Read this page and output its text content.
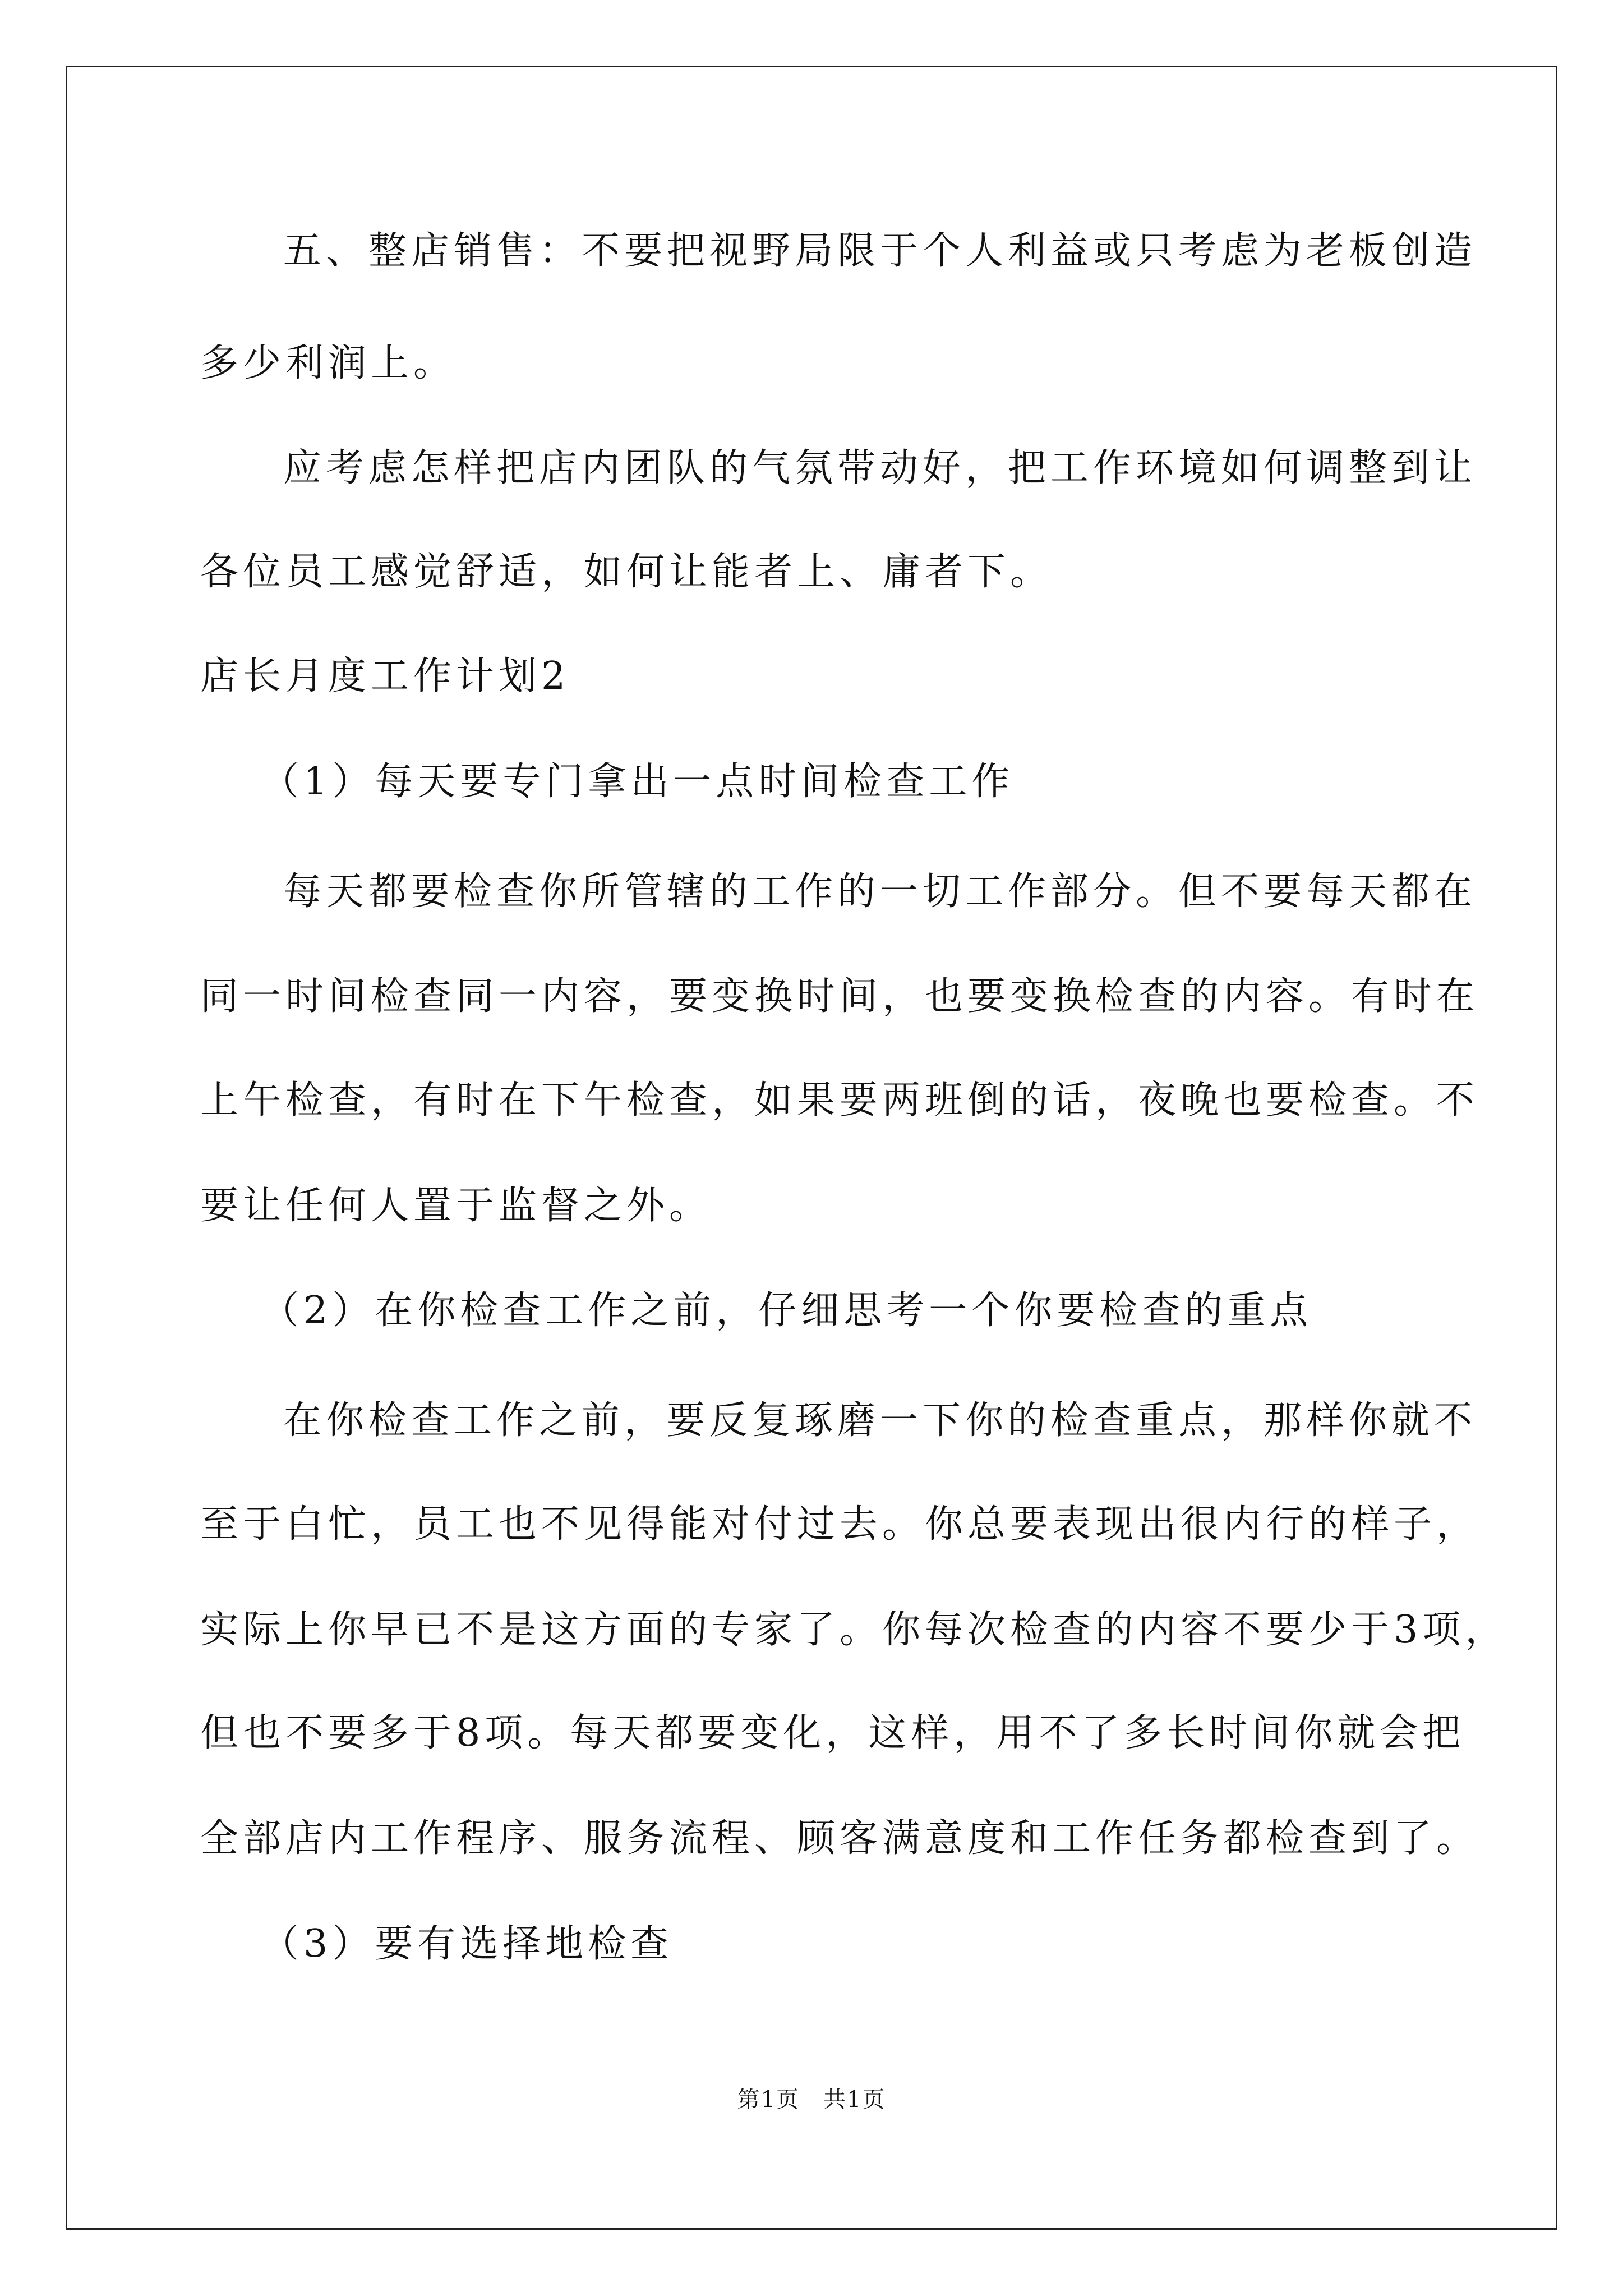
五、整店销售：不要把视野局限于个人利益或只考虑为老板创造
多少利润上。
应考虑怎样把店内团队的气氛带动好，把工作环境如何调整到让
各位员工感觉舒适，如何让能者上、庸者下。
店长月度工作计划2
（1）每天要专门拿出一点时间检查工作
每天都要检查你所管辖的工作的一切工作部分。但不要每天都在
同一时间检查同一内容，要变换时间，也要变换检查的内容。有时在
上午检查，有时在下午检查，如果要两班倒的话，夜晚也要检查。不
要让任何人置于监督之外。
（2）在你检查工作之前，仔细思考一个你要检查的重点
在你检查工作之前，要反复琢磨一下你的检查重点，那样你就不
至于白忙，员工也不见得能对付过去。你总要表现出很内行的样子，
实际上你早已不是这方面的专家了。你每次检查的内容不要少于3项，
但也不要多于8项。每天都要变化，这样，用不了多长时间你就会把
全部店内工作程序、服务流程、顾客满意度和工作任务都检查到了。
（3）要有选择地检查
第1页　共1页
